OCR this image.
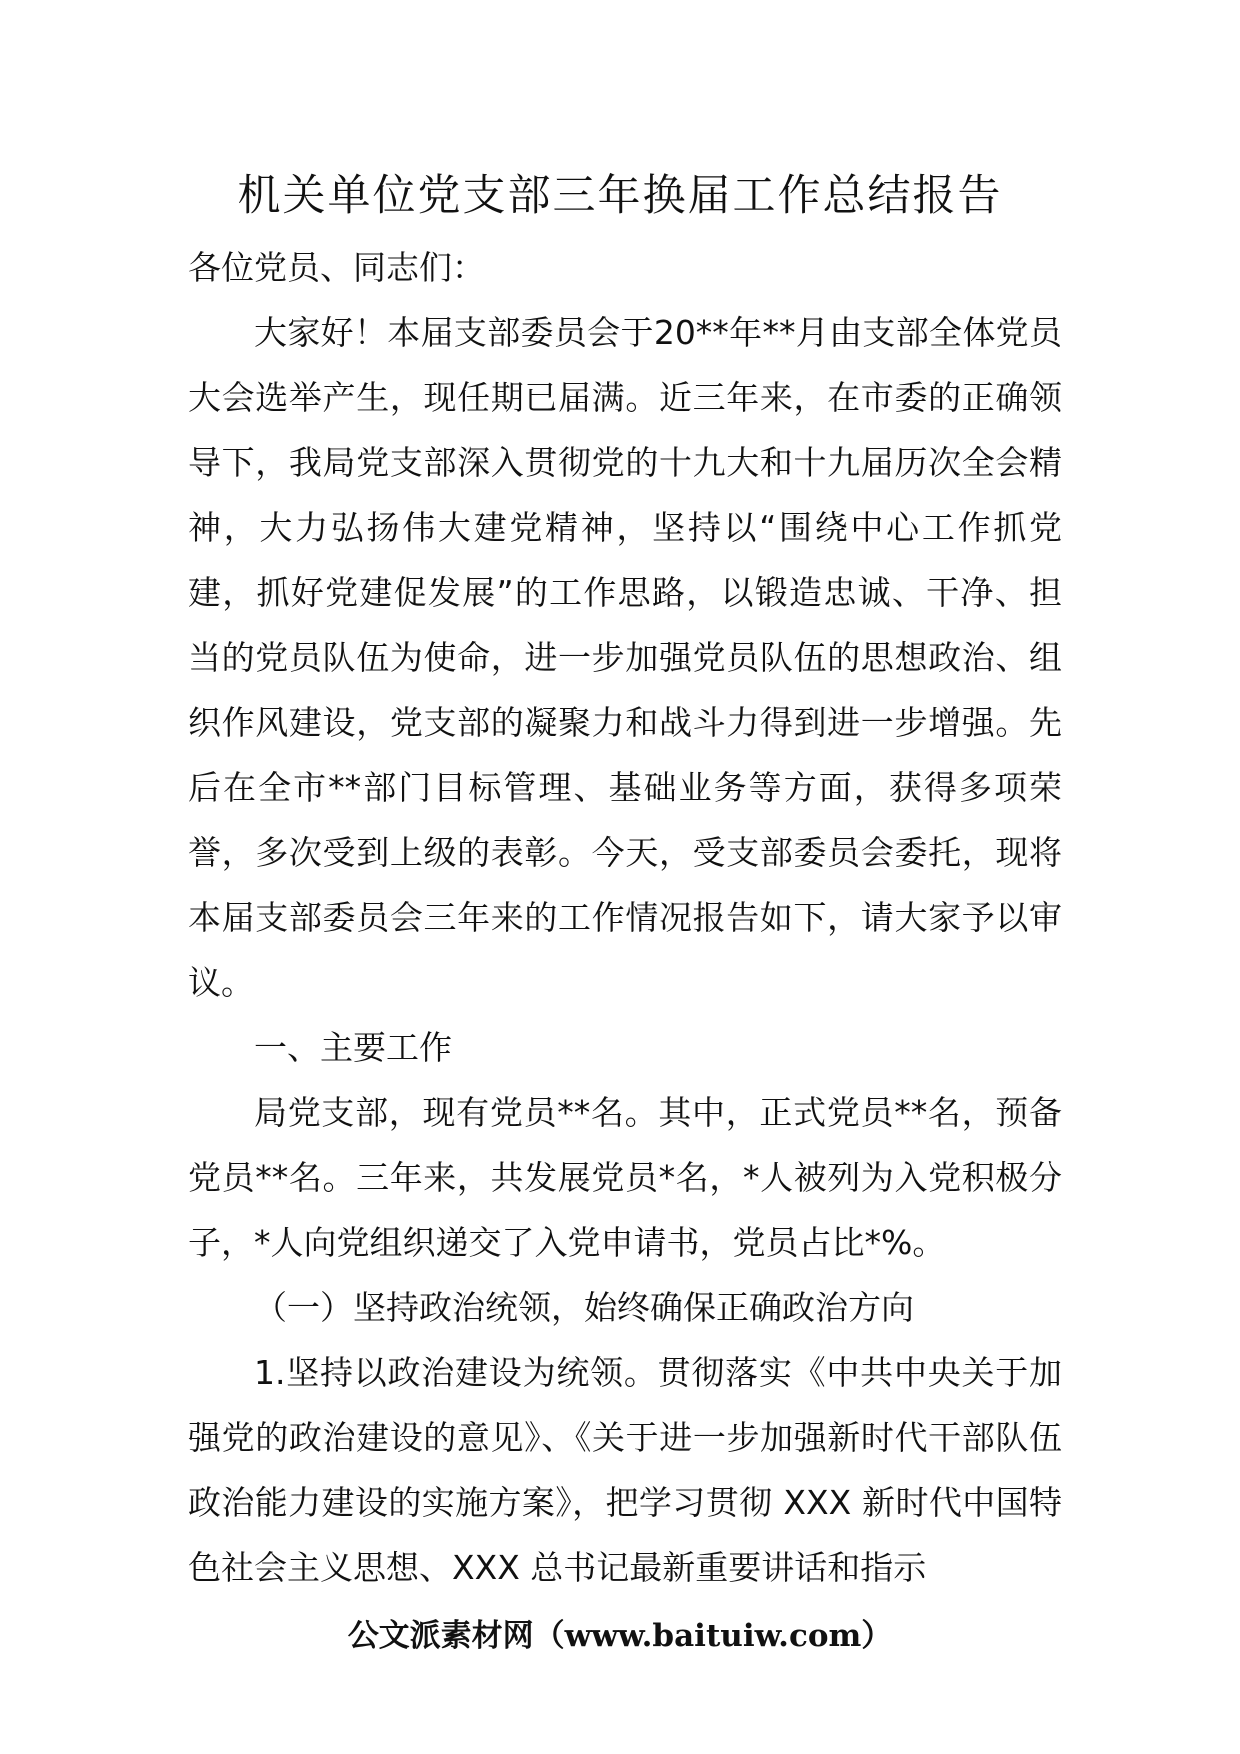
机关单位党支部三年换届工作总结报告

各位党员、同志们：

大家好！本届支部委员会于20**年**月由支部全体党员大会选举产生，现任期已届满。近三年来，在市委的正确领导下，我局党支部深入贯彻党的十九大和十九届历次全会精神，大力弘扬伟大建党精神，坚持以“围绕中心工作抓党建，抓好党建促发展”的工作思路，以锻造忠诚、干净、担当的党员队伍为使命，进一步加强党员队伍的思想政治、组织作风建设，党支部的凝聚力和战斗力得到进一步增强。先后在全市**部门目标管理、基础业务等方面，获得多项荣誉，多次受到上级的表彰。今天，受支部委员会委托，现将本届支部委员会三年来的工作情况报告如下，请大家予以审议。

一、主要工作

局党支部，现有党员**名。其中，正式党员**名，预备党员**名。三年来，共发展党员*名，*人被列为入党积极分子，*人向党组织递交了入党申请书，党员占比*%。

（一）坚持政治统领，始终确保正确政治方向

1.坚持以政治建设为统领。贯彻落实《中共中央关于加强党的政治建设的意见》、《关于进一步加强新时代干部队伍政治能力建设的实施方案》，把学习贯彻 XXX 新时代中国特色社会主义思想、XXX 总书记最新重要讲话和指示

公文派素材网（www.baituiw.com）
